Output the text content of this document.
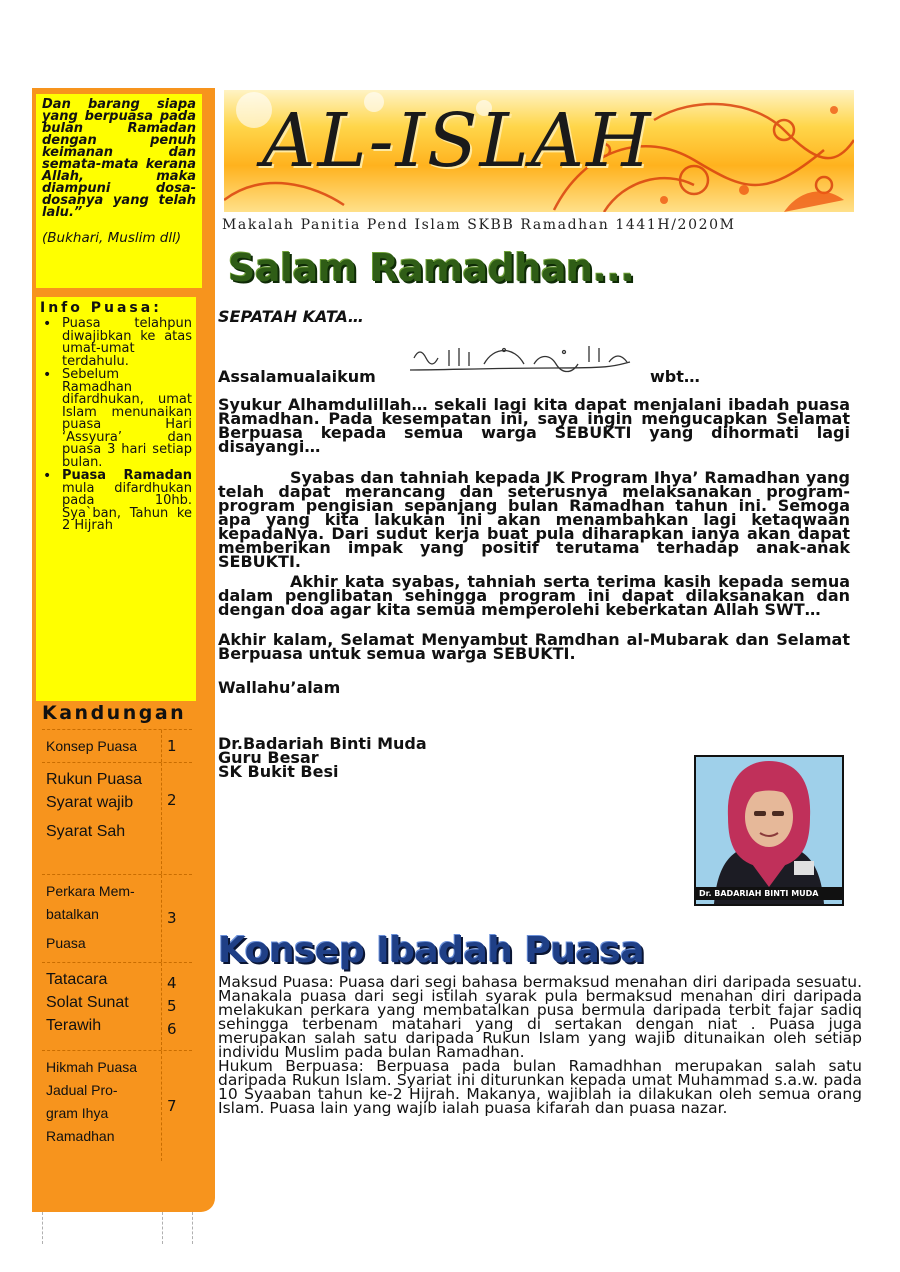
Dan barang siapa yang berpuasa pada bulan Ramadan dengan penuh keimanan dan semata-mata kerana Allah, maka diampuni dosa-dosanya yang telah lalu.”
(Bukhari, Muslim dll)
Info Puasa:
• Puasa telahpun diwajibkan ke atas umat-umat terdahulu.
• Sebelum Ramadhan difardhukan, umat Islam menunaikan puasa Hari ‘Assyura’ dan puasa 3 hari setiap bulan.
• Puasa Ramadan mula difardhukan pada 10hb. Sya`ban, Tahun ke 2 Hijrah
Kandungan
Konsep Puasa	1
Rukun Puasa
Syarat wajib
Syarat Sah
2
Perkara Mem-
batalkan
Puasa
3
Tatacara
Solat Sunat
Terawih
4
5
6
Hikmah Puasa
Jadual Pro-
gram Ihya
Ramadhan
7
AL-ISLAH
Makalah Panitia Pend Islam SKBB Ramadhan 1441H/2020M
Salam Ramadhan...
SEPATAH KATA…
Assalamualaikum	wbt…
Syukur Alhamdulillah… sekali lagi kita dapat menjalani ibadah puasa Ramadhan. Pada kesempatan ini, saya ingin mengucapkan Selamat Berpuasa kepada semua warga SEBUKTI yang dihormati lagi disayangi…
Syabas dan tahniah kepada JK Program Ihya’ Ramadhan yang telah dapat merancang dan seterusnya melaksanakan program-program pengisian sepanjang bulan Ramadhan tahun ini. Semoga apa yang kita lakukan ini akan menambahkan lagi ketaqwaan kepadaNya. Dari sudut kerja buat pula diharapkan ianya akan dapat memberikan impak yang positif terutama terhadap anak-anak SEBUKTI.
Akhir kata syabas, tahniah serta terima kasih kepada semua dalam penglibatan sehingga program ini dapat dilaksanakan dan dengan doa agar kita semua memperolehi keberkatan Allah SWT…
Akhir kalam, Selamat Menyambut Ramdhan al-Mubarak dan Selamat Berpuasa untuk semua warga SEBUKTI.
Wallahu’alam
Dr.Badariah Binti Muda
Guru Besar
SK Bukit Besi
Dr. BADARIAH BINTI MUDA
Konsep Ibadah Puasa

Maksud Puasa: Puasa dari segi bahasa bermaksud menahan diri daripada sesuatu. Manakala puasa dari segi istilah syarak pula bermaksud menahan diri daripada melakukan perkara yang membatalkan pusa bermula daripada terbit fajar sadiq sehingga terbenam matahari yang di sertakan dengan niat . Puasa juga merupakan salah satu daripada Rukun Islam yang wajib ditunaikan oleh setiap individu Muslim pada bulan Ramadhan.

Hukum Berpuasa: Berpuasa pada bulan Ramadhhan merupakan salah satu daripada Rukun Islam. Syariat ini diturunkan kepada umat Muhammad s.a.w. pada 10 Syaaban tahun ke-2 Hijrah. Makanya, wajiblah ia dilakukan oleh semua orang Islam. Puasa lain yang wajib ialah puasa kifarah dan puasa nazar.
